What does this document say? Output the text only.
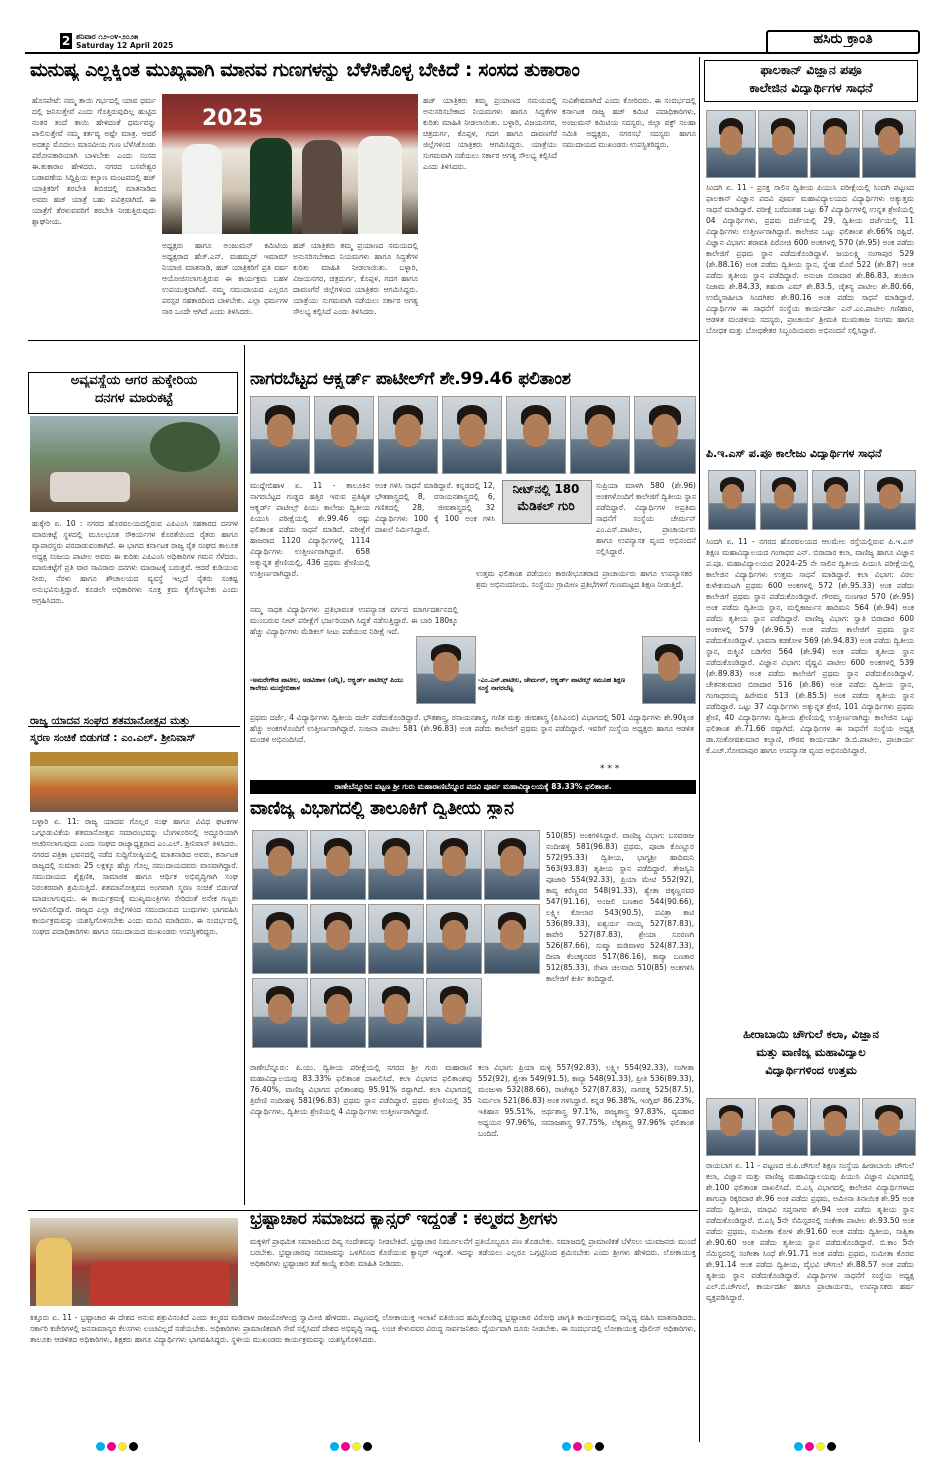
2 ಶನಿವಾರ ೧೨-೦೪-೨೦೨೫
Saturday 12 April 2025	ಹಸಿರು ಕ್ರಾಂತಿ
ಮನುಷ್ಯ ಎಲ್ಲಕ್ಕಿಂತ ಮುಖ್ಯವಾಗಿ ಮಾನವ ಗುಣಗಳನ್ನು ಬೆಳೆಸಿಕೊಳ್ಳ ಬೇಕಿದೆ : ಸಂಸದ ತುಕಾರಾಂ
ಹೊಸಪೇಟೆ: ನಮ್ಮ ತಾಯಿ ಗರ್ಭದಲ್ಲಿ ಯಾವ ಧರ್ಮ ದಲ್ಲಿ ಜನಿಸುತ್ತೇವೆ ಎಂದು ಗೊತ್ತಿರುವುದಿಲ್ಲ ಹುಟ್ಟಿದ ನಂತರ ತಂದೆ ತಾಯಿ ಹೇಳಿದಂತೆ ಧರ್ಮವನ್ನು ಪಾಲಿಸುತ್ತೇವೆ ನಮ್ಮ ಕರ್ತವ್ಯ ಅಷ್ಟೇ ಮಾತ್ರ. ಆದರೆ ಅದಕ್ಕೂ ಮೊದಲು ಮಾನವೀಯ ಗುಣ ಬೆಳೆಸಿಕೊಂಡು ಪರೋಪಕಾರಿಯಾಗಿ ಬಾಳಬೇಕು ಎಂದು ಸಂಸದ ಈ.ತುಕಾರಾಂ ಹೇಳಿದರು. ನಗರದ ಬಸವೇಶ್ವರ ಬಡಾವಣೆಯ ಸಿದ್ದಿಪ್ರಿಯ ಕಲ್ಯಾಣ ಮಂಟಪದಲ್ಲಿ ಹಜ್ ಯಾತ್ರಿಕರಿಗೆ ತರಬೇತಿ ಶಿಬಿರದಲ್ಲಿ ಮಾತನಾಡಿದ ಅವರು ಹಜ್ ಯಾತ್ರೆ ಬಹು ಪವಿತ್ರವಾಗಿದೆ. ಈ ಯಾತ್ರೆಗೆ ತೆರಳುವವರಿಗೆ ತರಬೇತಿ ನೀಡುತ್ತಿರುವುದು ಶ್ಲಾಘನೀಯ.
2025
ಅಧ್ಯಕ್ಷರು ಹಾಗೂ ಅಂಜುಮನ್ ಕಮಿಟಿಯ ಅಧ್ಯಕ್ಷರಾದ ಹೆಚ್.ಎನ್. ಮಹಮ್ಮದ್ ಇಮಾಮ್ ನಿಯಾಜಿ ಮಾತನಾಡಿ, ಹಜ್ ಯಾತ್ರಿಕರಿಗೆ ಪ್ರತಿ ವರ್ಷ ಆಯೋಜಿಸಲಾಗುತ್ತಿರುವ ಈ ಕಾರ್ಯಕ್ರಮ ಬಹಳ ಉಪಯುಕ್ತವಾಗಿದೆ. ನಮ್ಮ ಸಮುದಾಯದ ಎಲ್ಲರೂ ಪರಸ್ಪರ ಸಹಕಾರದಿಂದ ಬಾಳಬೇಕು. ಎಲ್ಲಾ ಧರ್ಮಗಳ ಸಾರ ಒಂದೇ ಆಗಿದೆ ಎಂದು ತಿಳಿಸಿದರು.
ಹಜ್ ಯಾತ್ರಿಕರು ತಮ್ಮ ಪ್ರಯಾಣದ ಸಮಯದಲ್ಲಿ ಅನುಸರಿಸಬೇಕಾದ ನಿಯಮಗಳು ಹಾಗೂ ಸಿದ್ಧತೆಗಳ ಕುರಿತು ಮಾಹಿತಿ ನೀಡಲಾಯಿತು. ಬಳ್ಳಾರಿ, ವಿಜಯನಗರ, ಚಿತ್ರದುರ್ಗ, ಕೊಪ್ಪಳ, ಗದಗ ಹಾಗೂ ದಾವಣಗೆರೆ ಜಿಲ್ಲೆಗಳಿಂದ ಯಾತ್ರಿಕರು ಆಗಮಿಸಿದ್ದರು. ಯಾತ್ರೆಯು ಸುಗಮವಾಗಿ ನಡೆಯಲು ಸರ್ಕಾರ ಅಗತ್ಯ ಸೌಲಭ್ಯ ಕಲ್ಪಿಸಿದೆ ಎಂದು ತಿಳಿಸಿದರು.
ಹಜ್ ಯಾತ್ರಿಕರು ತಮ್ಮ ಪ್ರಯಾಣದ ಸಮಯದಲ್ಲಿ ಅನುಸರಿಸಬೇಕಾದ ನಿಯಮಗಳು ಹಾಗೂ ಸಿದ್ಧತೆಗಳ ಕುರಿತು ಮಾಹಿತಿ ನೀಡಲಾಯಿತು. ಬಳ್ಳಾರಿ, ವಿಜಯನಗರ, ಚಿತ್ರದುರ್ಗ, ಕೊಪ್ಪಳ, ಗದಗ ಹಾಗೂ ದಾವಣಗೆರೆ ಜಿಲ್ಲೆಗಳಿಂದ ಯಾತ್ರಿಕರು ಆಗಮಿಸಿದ್ದರು. ಯಾತ್ರೆಯು ಸುಗಮವಾಗಿ ನಡೆಯಲು ಸರ್ಕಾರ ಅಗತ್ಯ ಸೌಲಭ್ಯ ಕಲ್ಪಿಸಿದೆ ಎಂದು ತಿಳಿಸಿದರು.
ಸುವಿಶೇಷವಾಗಿದೆ ಎಂದು ಕೋರಿದರು. ಈ ಸಂದರ್ಭದಲ್ಲಿ ಕರ್ನಾಟಕ ರಾಜ್ಯ ಹಜ್ ಕಮಿಟಿ ಪದಾಧಿಕಾರಿಗಳು, ಅಂಜುಮನ್ ಕಮಿಟಿಯ ಸದಸ್ಯರು, ಜಿಲ್ಲಾ ವಕ್ಫ್ ಸಲಹಾ ಸಮಿತಿ ಅಧ್ಯಕ್ಷರು, ನಗರಸಭೆ ಸದಸ್ಯರು ಹಾಗೂ ಸಮುದಾಯದ ಮುಖಂಡರು ಉಪಸ್ಥಿತರಿದ್ದರು.
ಅವ್ಯವಸ್ಥೆಯ ಆಗರ ಹುಕ್ಕೇರಿಯ
ದನಗಳ ಮಾರುಕಟ್ಟೆ
ಹುಕ್ಕೇರಿ ಏ. 10 : ನಗರದ ಹೊರವಲಯದಲ್ಲಿರುವ ಎಪಿಎಂಸಿ ಸಹಕಾರದ ದನಗಳ ಮಾರುಕಟ್ಟೆ ಸ್ಥಳದಲ್ಲಿ ಮೂಲಭೂತ ಸೌಕರ್ಯಗಳ ಕೊರತೆಯಿಂದ ರೈತರು ಹಾಗೂ ವ್ಯಾಪಾರಸ್ಥರು ಪರದಾಡುವಂತಾಗಿದೆ. ಈ ಭಾಗದ ಕರ್ನಾಟಕ ರಾಜ್ಯ ರೈತ ಸಂಘದ ತಾಲೂಕ ಅಧ್ಯಕ್ಷ ಸಂಜಯ ಪಾಟೀಲ ಅವರು ಈ ಕುರಿತು ಎಪಿಎಂಸಿ ಅಧಿಕಾರಿಗಳ ಗಮನ ಸೆಳೆದರು. ಮಾರುಕಟ್ಟೆಗೆ ಪ್ರತಿ ವಾರ ಸಾವಿರಾರು ದನಗಳು ಮಾರಾಟಕ್ಕೆ ಬರುತ್ತವೆ. ಆದರೆ ಕುಡಿಯುವ ನೀರು, ನೆರಳು ಹಾಗೂ ಶೌಚಾಲಯದ ವ್ಯವಸ್ಥೆ ಇಲ್ಲದೆ ರೈತರು ಸಂಕಷ್ಟ ಅನುಭವಿಸುತ್ತಿದ್ದಾರೆ. ಕೂಡಲೇ ಅಧಿಕಾರಿಗಳು ಸೂಕ್ತ ಕ್ರಮ ಕೈಗೊಳ್ಳಬೇಕು ಎಂದು ಆಗ್ರಹಿಸಿದರು.
ರಾಜ್ಯ ಯಾದವ ಸಂಘದ ಶತಮಾನೋತ್ಸವ ಮತ್ತು
ಸ್ಮರಣ ಸಂಚಿಕೆ ಬಿಡುಗಡೆ : ಎಂ.ಎಲ್. ಶ್ರೀನಿವಾಸ್
ಬಳ್ಳಾರಿ ಏ. 11: ರಾಜ್ಯ ಯಾದವ ಗೊಲ್ಲರ ಸಂಘ ಹಾಗೂ ವಿವಿಧ ಘಟಕಗಳ ಒಗ್ಗೂಡುವಿಕೆಯ ಶತಮಾನೋತ್ಸವ ಸಮಾರಂಭವನ್ನು ಬೆಂಗಳೂರಿನಲ್ಲಿ ಅದ್ದೂರಿಯಾಗಿ ಆಚರಿಸಲಾಗುವುದು ಎಂದು ಸಂಘದ ರಾಜ್ಯಾಧ್ಯಕ್ಷರಾದ ಎಂ.ಎಲ್. ಶ್ರೀನಿವಾಸ್ ತಿಳಿಸಿದರು. ನಗರದ ಪತ್ರಿಕಾ ಭವನದಲ್ಲಿ ನಡೆದ ಸುದ್ದಿಗೋಷ್ಠಿಯಲ್ಲಿ ಮಾತನಾಡಿದ ಅವರು, ಕರ್ನಾಟಕ ರಾಜ್ಯದಲ್ಲಿ ಸುಮಾರು 25 ಲಕ್ಷಕ್ಕೂ ಹೆಚ್ಚು ಗೊಲ್ಲ ಸಮುದಾಯದವರು ವಾಸವಾಗಿದ್ದಾರೆ. ಸಮುದಾಯದ ಶೈಕ್ಷಣಿಕ, ಸಾಮಾಜಿಕ ಹಾಗೂ ಆರ್ಥಿಕ ಅಭಿವೃದ್ಧಿಗಾಗಿ ಸಂಘ ನಿರಂತರವಾಗಿ ಶ್ರಮಿಸುತ್ತಿದೆ. ಶತಮಾನೋತ್ಸವದ ಅಂಗವಾಗಿ ಸ್ಮರಣ ಸಂಚಿಕೆ ಬಿಡುಗಡೆ ಮಾಡಲಾಗುವುದು. ಈ ಕಾರ್ಯಕ್ರಮಕ್ಕೆ ಮುಖ್ಯಮಂತ್ರಿಗಳು ಸೇರಿದಂತೆ ಅನೇಕ ಗಣ್ಯರು ಆಗಮಿಸಲಿದ್ದಾರೆ. ರಾಜ್ಯದ ಎಲ್ಲಾ ಜಿಲ್ಲೆಗಳಿಂದ ಸಮುದಾಯದ ಬಂಧುಗಳು ಭಾಗವಹಿಸಿ ಕಾರ್ಯಕ್ರಮವನ್ನು ಯಶಸ್ವಿಗೊಳಿಸಬೇಕು ಎಂದು ಮನವಿ ಮಾಡಿದರು. ಈ ಸಂದರ್ಭದಲ್ಲಿ ಸಂಘದ ಪದಾಧಿಕಾರಿಗಳು ಹಾಗೂ ಸಮುದಾಯದ ಮುಖಂಡರು ಉಪಸ್ಥಿತರಿದ್ದರು.
ನಾಗರಬೆಟ್ಟದ ಆಕ್ಸ್ಫರ್ಡ್ ಪಾಟೀಲ್‌ಗೆ ಶೇ.99.46 ಫಲಿತಾಂಶ
ಮುದ್ದೇಬಿಹಾಳ ಏ. 11 - ತಾಲೂಕಿನ ನಾಗರಬೆಟ್ಟದ ಗುಡ್ಡದ ಹತ್ತಿರ ಇರುವ ಪ್ರತಿಷ್ಠಿತ ಆಕ್ಸ್ಫರ್ಡ್ ಪಾಟೀಲ್ಸ್ ಪಿಯು ಕಾಲೇಜು ದ್ವಿತೀಯ ಪಿಯುಸಿ ಪರೀಕ್ಷೆಯಲ್ಲಿ ಶೇ.99.46 ರಷ್ಟು ಫಲಿತಾಂಶ ಪಡೆದು ಸಾಧನೆ ಮಾಡಿದೆ. ಪರೀಕ್ಷೆಗೆ ಹಾಜರಾದ 1120 ವಿದ್ಯಾರ್ಥಿಗಳಲ್ಲಿ 1114 ವಿದ್ಯಾರ್ಥಿಗಳು ಉತ್ತೀರ್ಣರಾಗಿದ್ದಾರೆ. 658 ಅತ್ಯುನ್ನತ ಶ್ರೇಣಿಯಲ್ಲಿ, 436 ಪ್ರಥಮ ಶ್ರೇಣಿಯಲ್ಲಿ ಉತ್ತೀರ್ಣರಾಗಿದ್ದಾರೆ.
ಅಂಕ ಗಳಿಸಿ ಸಾಧನೆ ಮಾಡಿದ್ದಾರೆ. ಕನ್ನಡದಲ್ಲಿ 12, ಭೌತಶಾಸ್ತ್ರದಲ್ಲಿ 8, ರಸಾಯನಶಾಸ್ತ್ರದಲ್ಲಿ 6, ಗಣಿತದಲ್ಲಿ 28, ಜೀವಶಾಸ್ತ್ರದಲ್ಲಿ 32 ವಿದ್ಯಾರ್ಥಿಗಳು 100 ಕ್ಕೆ 100 ಅಂಕ ಗಳಿಸಿ ದಾಖಲೆ ನಿರ್ಮಿಸಿದ್ದಾರೆ.
ನೀಟ್‌ನಲ್ಲಿ 180
ಮೆಡಿಕಲ್ ಗುರಿ
ಸುಪ್ರಿಯಾ ಮಾಳಗಿ 580 (ಶೇ.96) ಅಂಕಗಳೊಂದಿಗೆ ಕಾಲೇಜಿಗೆ ದ್ವಿತೀಯ ಸ್ಥಾನ ಪಡೆದಿದ್ದಾರೆ. ವಿದ್ಯಾರ್ಥಿಗಳ ಅಪ್ರತಿಮ ಸಾಧನೆಗೆ ಸಂಸ್ಥೆಯ ಚೇರ್ಮನ್ ಎಂ.ಎಸ್.ಪಾಟೀಲ, ಪ್ರಾಚಾರ್ಯರು ಹಾಗೂ ಉಪನ್ಯಾಸಕ ವೃಂದ ಅಭಿನಂದನೆ ಸಲ್ಲಿಸಿದ್ದಾರೆ.
ನಮ್ಮ ಸಾಧಕ ವಿದ್ಯಾರ್ಥಿಗಳು ಪ್ರತಿಭಾವಂತ ಉಪನ್ಯಾಸಕ ವರ್ಗದ ಮಾರ್ಗದರ್ಶನದಲ್ಲಿ ಮುಂಬರುವ ನೀಟ್ ಪರೀಕ್ಷೆಗೆ ಭರ್ಜರಿಯಾಗಿ ಸಿದ್ಧತೆ ನಡೆಸುತ್ತಿದ್ದಾರೆ. ಈ ಬಾರಿ 180ಕ್ಕೂ ಹೆಚ್ಚು ವಿದ್ಯಾರ್ಥಿಗಳು ಮೆಡಿಕಲ್ ಸೀಟು ಪಡೆಯುವ ನಿರೀಕ್ಷೆ ಇದೆ.
ಉತ್ತಮ ಫಲಿತಾಂಶ ಪಡೆಯಲು ಕಾರಣೀಭೂತರಾದ ಪ್ರಾಚಾರ್ಯರು ಹಾಗೂ ಉಪನ್ಯಾಸಕರ ಶ್ರಮ ಅಭಿನಂದನೀಯ. ಸಂಸ್ಥೆಯು ಗ್ರಾಮೀಣ ಪ್ರತಿಭೆಗಳಿಗೆ ಗುಣಮಟ್ಟದ ಶಿಕ್ಷಣ ನೀಡುತ್ತಿದೆ.
-ಅಮರೇಗೌಡ ಪಾಟೀಲ, ಅಡವಿಹಾಳ (ಚೆನ್ನಿ), ಆಕ್ಸ್ಫರ್ಡ್ ಪಾಟೀಲ್ಸ್ ಪಿಯು ಕಾಲೇಜು ಮುದ್ದೇಬಿಹಾಳ
-ಎಂ.ಎಸ್.ಪಾಟೀಲ, ಚೇರ್ಮನ್, ಆಕ್ಸ್ಫರ್ಡ್ ಪಾಟೀಲ್ಸ್ ಸಮೂಹ ಶಿಕ್ಷಣ ಸಂಸ್ಥೆ ನಾಗರಬೆಟ್ಟ
ಪ್ರಥಮ ದರ್ಜೆ, 4 ವಿದ್ಯಾರ್ಥಿಗಳು ದ್ವಿತೀಯ ದರ್ಜೆ ಪಡೆದುಕೊಂಡಿದ್ದಾರೆ. ಭೌತಶಾಸ್ತ್ರ, ರಸಾಯನಶಾಸ್ತ್ರ, ಗಣಿತ ಮತ್ತು ಜೀವಶಾಸ್ತ್ರ (ಪಿಸಿಎಂಬಿ) ವಿಭಾಗದಲ್ಲಿ 501 ವಿದ್ಯಾರ್ಥಿಗಳು ಶೇ.90ಕ್ಕಿಂತ ಹೆಚ್ಚು ಅಂಕಗಳೊಂದಿಗೆ ಉತ್ತೀರ್ಣರಾಗಿದ್ದಾರೆ. ಸಂಜನಾ ಪಾಟೀಲ 581 (ಶೇ.96.83) ಅಂಕ ಪಡೆದು ಕಾಲೇಜಿಗೆ ಪ್ರಥಮ ಸ್ಥಾನ ಪಡೆದಿದ್ದಾರೆ. ಇವರಿಗೆ ಸಂಸ್ಥೆಯ ಅಧ್ಯಕ್ಷರು ಹಾಗೂ ಆಡಳಿತ ಮಂಡಳಿ ಅಭಿನಂದಿಸಿದೆ.
* * *
ರಾಣೇಬೆನ್ನೂರಿನ ಪಟ್ಟಣ ಶ್ರೀ ಗುರು ಮಹಾರಾಣಿಬೆನ್ನೂರ ಪದವಿ ಪೂರ್ವ ಮಹಾವಿದ್ಯಾಲಯಕ್ಕೆ 83.33% ಫಲಿತಾಂಶ.
ವಾಣಿಜ್ಯ ವಿಭಾಗದಲ್ಲಿ ತಾಲೂಕಿಗೆ ದ್ವಿತೀಯ ಸ್ಥಾನ
510(85) ಅಂಕಗಳಿಸಿದ್ದಾರೆ. ವಾಣಿಜ್ಯ ವಿಭಾಗ: ಬಸವರಾಜ ನಂದೀಹಳ್ಳಿ 581(96.83) ಪ್ರಥಮ, ಪೂಜಾ ಕೊಣ್ಣೂರ 572(95.33) ದ್ವಿತೀಯ, ಭಾಗ್ಯಶ್ರೀ ಹಾದಿಮನಿ 563(93.83) ತೃತೀಯ ಸ್ಥಾನ ಪಡೆದಿದ್ದಾರೆ. ತೇಜಸ್ವಿನಿ ಪೂಜಾರಿ 554(92.33), ಪ್ರಿಯಾ ಮೇಟಿ 552(92), ಕಾವ್ಯ ಕರೆಣ್ಣವರ 548(91.33), ಶ್ವೇತಾ ಚಿಕ್ಕಣ್ಣನವರ 547(91.16), ಅಂಜಲಿ ಬಣಕಾರ 544(90.66), ಲಕ್ಷ್ಮೀ ಕೋಲಾರ 543(90.5), ಪವಿತ್ರಾ ಕಾಟಿ 536(89.33), ಐಶ್ವರ್ಯ ನಾಯ್ಕ 527(87.83), ಕಾವೇರಿ 527(87.83), ಶ್ರೇಯಾ ಸೂರಣಗಿ 526(87.66), ಸುಷ್ಮಾ ಮಡಿವಾಳರ 524(87.33), ದೀಪಾ ಕೆಂಚಕ್ಕನವರ 517(86.16), ಕಾವ್ಯಾ ಬಣಕಾರ 512(85.33), ರೇಖಾ ಚಲವಾದಿ 510(85) ಅಂಕಗಳಿಸಿ ಕಾಲೇಜಿಗೆ ಕೀರ್ತಿ ತಂದಿದ್ದಾರೆ.
ರಾಣೇಬೆನ್ನೂರು: ಪಿ.ಯು. ದ್ವಿತೀಯ ಪರೀಕ್ಷೆಯಲ್ಲಿ ನಗರದ ಶ್ರೀ ಗುರು ಮಹಾರಾಣಿ ಮಹಾವಿದ್ಯಾಲಯವು 83.33% ಫಲಿತಾಂಶ ದಾಖಲಿಸಿದೆ. ಕಲಾ ವಿಭಾಗದ ಫಲಿತಾಂಶವು 76.40%, ವಾಣಿಜ್ಯ ವಿಭಾಗದ ಫಲಿತಾಂಶವು 95.91% ರಷ್ಟಾಗಿದೆ. ಕಲಾ ವಿಭಾಗದಲ್ಲಿ ತ್ರಿವೇಣಿ ನಂದೀಹಳ್ಳಿ 581(96.83) ಪ್ರಥಮ ಸ್ಥಾನ ಪಡೆದಿದ್ದಾರೆ. ಪ್ರಥಮ ಶ್ರೇಣಿಯಲ್ಲಿ 35 ವಿದ್ಯಾರ್ಥಿಗಳು, ದ್ವಿತೀಯ ಶ್ರೇಣಿಯಲ್ಲಿ 4 ವಿದ್ಯಾರ್ಥಿಗಳು ಉತ್ತೀರ್ಣರಾಗಿದ್ದಾರೆ.
ಕಲಾ ವಿಭಾಗ: ಪ್ರಿಯಾ ಮಳ್ಳಿ 557(92.83), ಲಕ್ಷ್ಮೀ 554(92.33), ಸಂಗೀತಾ 552(92), ಶ್ವೇತಾ 549(91.5), ಕಾವ್ಯಾ 548(91.33), ಪ್ರೀತಿ 536(89.33), ಮಂಜುಳಾ 532(88.66), ರಾಜೇಶ್ವರಿ 527(87.83), ನಾಗರತ್ನ 525(87.5), ನಿರ್ಮಲಾ 521(86.83) ಅಂಕ ಗಳಿಸಿದ್ದಾರೆ. ಕನ್ನಡ 96.38%, ಇಂಗ್ಲಿಷ್ 86.23%, ಇತಿಹಾಸ 95.51%, ಅರ್ಥಶಾಸ್ತ್ರ 97.1%, ರಾಜ್ಯಶಾಸ್ತ್ರ 97.83%, ವ್ಯವಹಾರ ಅಧ್ಯಯನ 97.96%, ಸಮಾಜಶಾಸ್ತ್ರ 97.75%, ಲೆಕ್ಕಶಾಸ್ತ್ರ 97.96% ಫಲಿತಾಂಶ ಬಂದಿದೆ.
ಭ್ರಷ್ಟಾಚಾರ ಸಮಾಜದ ಕ್ಯಾನ್ಸರ್ ಇದ್ದಂತೆ : ಕಲ್ಮಠದ ಶ್ರೀಗಳು
ಮಕ್ಕಳಿಗೆ ಪ್ರಾಥಮಿಕ ಸಮಾಜದಿಂದ ದಿವ್ಯ ಸಂದೇಶವನ್ನು ನೀಡಬೇಕಿದೆ. ಭ್ರಷ್ಟಾಚಾರ ನಿರ್ಮೂಲನೆಗೆ ಪ್ರತಿಯೊಬ್ಬರೂ ಪಣ ತೊಡಬೇಕು. ಸಮಾಜದಲ್ಲಿ ಪ್ರಾಮಾಣಿಕತೆ ಬೆಳೆಸಲು ಯುವಜನರು ಮುಂದೆ ಬರಬೇಕು. ಭ್ರಷ್ಟಾಚಾರವು ಸಮಾಜವನ್ನು ಒಳಗಿನಿಂದ ಕೊರೆಯುವ ಕ್ಯಾನ್ಸರ್ ಇದ್ದಂತೆ. ಇದನ್ನು ತಡೆಯಲು ಎಲ್ಲರೂ ಒಗ್ಗಟ್ಟಿನಿಂದ ಶ್ರಮಿಸಬೇಕು ಎಂದು ಶ್ರೀಗಳು ಹೇಳಿದರು. ಲೋಕಾಯುಕ್ತ ಅಧಿಕಾರಿಗಳು ಭ್ರಷ್ಟಾಚಾರ ತಡೆ ಕಾಯ್ದೆ ಕುರಿತು ಮಾಹಿತಿ ನೀಡಿದರು.
ಕಿತ್ತೂರು ಏ. 11 - ಭ್ರಷ್ಟಾಚಾರ ಈ ದೇಶದ ಅನುವ ಶತ್ರುವಿನಂತಿದೆ ಎಂದು ಕಲ್ಮಠದ ಮಡಿವಾಳ ರಾಜಯೋಗೀಂದ್ರ ಸ್ವಾಮೀಜಿ ಹೇಳಿದರು. ಪಟ್ಟಣದಲ್ಲಿ ಲೋಕಾಯುಕ್ತ ಇಲಾಖೆ ವತಿಯಿಂದ ಹಮ್ಮಿಕೊಂಡಿದ್ದ ಭ್ರಷ್ಟಾಚಾರ ವಿರೋಧಿ ಜಾಗೃತಿ ಕಾರ್ಯಕ್ರಮದಲ್ಲಿ ಸಾನ್ನಿಧ್ಯ ವಹಿಸಿ ಮಾತನಾಡಿದರು. ಸರ್ಕಾರಿ ಕಚೇರಿಗಳಲ್ಲಿ ಜನಸಾಮಾನ್ಯರ ಕೆಲಸಗಳು ಲಂಚವಿಲ್ಲದೆ ನಡೆಯಬೇಕು. ಅಧಿಕಾರಿಗಳು ಪ್ರಾಮಾಣಿಕವಾಗಿ ಸೇವೆ ಸಲ್ಲಿಸಿದರೆ ದೇಶದ ಅಭಿವೃದ್ಧಿ ಸಾಧ್ಯ. ಲಂಚ ಕೇಳುವವರ ವಿರುದ್ಧ ಸಾರ್ವಜನಿಕರು ಧೈರ್ಯವಾಗಿ ದೂರು ನೀಡಬೇಕು. ಈ ಸಂದರ್ಭದಲ್ಲಿ ಲೋಕಾಯುಕ್ತ ಪೊಲೀಸ್ ಅಧಿಕಾರಿಗಳು, ತಾಲೂಕು ಆಡಳಿತದ ಅಧಿಕಾರಿಗಳು, ಶಿಕ್ಷಕರು ಹಾಗೂ ವಿದ್ಯಾರ್ಥಿಗಳು ಭಾಗವಹಿಸಿದ್ದರು. ಸ್ಥಳೀಯ ಮುಖಂಡರು ಕಾರ್ಯಕ್ರಮವನ್ನು ಯಶಸ್ವಿಗೊಳಿಸಿದರು.
ಫಾಲಕಾನ್ ವಿಜ್ಞಾನ ಪಪೂ
ಕಾಲೇಜಿನ ವಿದ್ಯಾರ್ಥಿಗಳ ಸಾಧನೆ
ಸಿಂದಗಿ ಏ. 11 - ಪ್ರಸಕ್ತ ಸಾಲಿನ ದ್ವಿತೀಯ ಪಿಯುಸಿ ಪರೀಕ್ಷೆಯಲ್ಲಿ ಸಿಂದಗಿ ಪಟ್ಟಣದ ಫಾಲಕಾನ್ ವಿಜ್ಞಾನ ಪದವಿ ಪೂರ್ವ ಮಹಾವಿದ್ಯಾಲಯದ ವಿದ್ಯಾರ್ಥಿಗಳು ಅತ್ಯುತ್ತಮ ಸಾಧನೆ ಮಾಡಿದ್ದಾರೆ. ಪರೀಕ್ಷೆ ಬರೆದಂತಹ ಒಟ್ಟು 67 ವಿದ್ಯಾರ್ಥಿಗಳಲ್ಲಿ ಉನ್ನತ ಶ್ರೇಣಿಯಲ್ಲಿ 04 ವಿದ್ಯಾರ್ಥಿಗಳು, ಪ್ರಥಮ ದರ್ಜೆಯಲ್ಲಿ 29, ದ್ವಿತೀಯ ದರ್ಜೆಯಲ್ಲಿ 11 ವಿದ್ಯಾರ್ಥಿಗಳು ಉತ್ತೀರ್ಣರಾಗಿದ್ದಾರೆ. ಕಾಲೇಜಿನ ಒಟ್ಟು ಫಲಿತಾಂಶ ಶೇ.66% ರಷ್ಟಿದೆ. ವಿಜ್ಞಾನ ವಿಭಾಗ: ಶರಾವತಿ ಪಿರೋಜಿ 600 ಅಂಕಗಳಲ್ಲಿ 570 (ಶೇ.95) ಅಂಕ ಪಡೆದು ಕಾಲೇಜಿಗೆ ಪ್ರಥಮ ಸ್ಥಾನ ಪಡೆದುಕೊಂಡಿದ್ದಾಳೆ. ಜಯಲಕ್ಷ್ಮಿ ಸಂಗಾಪುರ 529 (ಶೇ.88.16) ಅಂಕ ಪಡೆದು ದ್ವಿತೀಯ ಸ್ಥಾನ, ಸ್ನೇಹ ಮೊರೆ 522 (ಶೇ.87) ಅಂಕ ಪಡೆದು ತೃತೀಯ ಸ್ಥಾನ ಪಡೆದಿದ್ದಾರೆ. ಅನುಜಾ ಬಿರಾದಾರ ಶೇ.86.83, ತಂಜಿಲಾ ನಿಜಾಮ ಶೇ.84.33, ತಹುರಾ ಎಮ್ ಶೇ.83.5, ಚೈತನ್ಯ ಪಾಟೀಲ ಶೇ.80.66, ಉಮ್ಮೆಸಾಹೀಬಾ ಸಿಂದಗಿಕರ ಶೇ.80.16 ಅಂಕ ಪಡೆದು ಸಾಧನೆ ಮಾಡಿದ್ದಾರೆ. ವಿದ್ಯಾರ್ಥಿಗಳ ಈ ಸಾಧನೆಗೆ ಸಂಸ್ಥೆಯ ಕಾರ್ಯದರ್ಶಿ ಎನ್.ಎಂ.ಪಾಟೀಲ ಗಣಿಹಾರ, ಆಡಳಿತ ಮಂಡಳಿಯ ಸದಸ್ಯರು, ಪ್ರಾಚಾರ್ಯ ಶ್ರೀಮತಿ ಮುಮತಾಜ ಸಂಗಮ ಹಾಗೂ ಬೋಧಕ ಮತ್ತು ಬೋಧಕೇತರ ಸಿಬ್ಬಂದಿಯವರು ಅಭಿನಂದನೆ ಸಲ್ಲಿಸಿದ್ದಾರೆ.
ಪಿ.ಇ.ಎಸ್ ಪ.ಪೂ ಕಾಲೇಜು ವಿದ್ಯಾರ್ಥಿಗಳ ಸಾಧನೆ
ಸಿಂದಗಿ ಏ. 11 - ನಗರದ ಹೊರವಲಯದ ಆಲಮೇಲ ರಸ್ತೆಯಲ್ಲಿರುವ ಪಿ.ಇ.ಎಸ್ ಶಿಕ್ಷಣ ಮಹಾವಿದ್ಯಾಲಯದ ಗಂಗಾಧರ ಎನ್. ಬಿರಾದಾರ ಕಲಾ, ವಾಣಿಜ್ಯ ಹಾಗೂ ವಿಜ್ಞಾನ ಪ.ಪೂ. ಮಹಾವಿದ್ಯಾಲಯದ 2024-25 ನೇ ಸಾಲಿನ ದ್ವಿತೀಯ ಪಿಯುಸಿ ಪರೀಕ್ಷೆಯಲ್ಲಿ ಕಾಲೇಜಿನ ವಿದ್ಯಾರ್ಥಿಗಳು ಉತ್ತಮ ಸಾಧನೆ ಮಾಡಿದ್ದಾರೆ. ಕಲಾ ವಿಭಾಗ: ವಿಠಲ ಕುಳೇಕುಮಟಗಿ ಪ್ರಥಮ 600 ಅಂಕಗಳಲ್ಲಿ 572 (ಶೇ.95.33) ಅಂಕ ಪಡೆದು ಕಾಲೇಜಿಗೆ ಪ್ರಥಮ ಸ್ಥಾನ ಪಡೆದುಕೊಂಡಿದ್ದಾರೆ. ಗೌರಮ್ಮ ಸುಣಗಾರ 570 (ಶೇ.95) ಅಂಕ ಪಡೆದು ದ್ವಿತೀಯ ಸ್ಥಾನ, ಮಲ್ಲಿಕಾರ್ಜುನ ಹಾದಿಮನಿ 564 (ಶೇ.94) ಅಂಕ ಪಡೆದು ತೃತೀಯ ಸ್ಥಾನ ಪಡೆದಿದ್ದಾರೆ. ವಾಣಿಜ್ಯ ವಿಭಾಗ: ಸ್ವಾತಿ ಬಿರಾದಾರ 600 ಅಂಕಗಳಲ್ಲಿ 579 (ಶೇ.96.5) ಅಂಕ ಪಡೆದು ಕಾಲೇಜಿಗೆ ಪ್ರಥಮ ಸ್ಥಾನ ಪಡೆದುಕೊಂಡಿದ್ದಾಳೆ. ಭಾವನಾ ಕಡಕೋಳ 569 (ಶೇ.94.83) ಅಂಕ ಪಡೆದು ದ್ವಿತೀಯ ಸ್ಥಾನ, ರುಕ್ಮಿಣಿ ಬಡಿಗೇರ 564 (ಶೇ.94) ಅಂಕ ಪಡೆದು ತೃತೀಯ ಸ್ಥಾನ ಪಡೆದುಕೊಂಡಿದ್ದಾರೆ. ವಿಜ್ಞಾನ ವಿಭಾಗ: ವೈಷ್ಣವಿ ಪಾಟೀಲ 600 ಅಂಕಗಳಲ್ಲಿ 539 (ಶೇ.89.83) ಅಂಕ ಪಡೆದು ಕಾಲೇಜಿಗೆ ಪ್ರಥಮ ಸ್ಥಾನ ಪಡೆದುಕೊಂಡಿದ್ದಾಳೆ. ಚೇತನಕುಮಾರ ಬಿರಾದಾರ 516 (ಶೇ.86) ಅಂಕ ಪಡೆದು ದ್ವಿತೀಯ ಸ್ಥಾನ, ಗಂಗಾಧರಯ್ಯ ಹಿರೇಮಠ 513 (ಶೇ.85.5) ಅಂಕ ಪಡೆದು ತೃತೀಯ ಸ್ಥಾನ ಪಡೆದಿದ್ದಾರೆ. ಒಟ್ಟು 37 ವಿದ್ಯಾರ್ಥಿಗಳು ಅತ್ಯುನ್ನತ ಶ್ರೇಣಿ, 101 ವಿದ್ಯಾರ್ಥಿಗಳು ಪ್ರಥಮ ಶ್ರೇಣಿ, 40 ವಿದ್ಯಾರ್ಥಿಗಳು ದ್ವಿತೀಯ ಶ್ರೇಣಿಯಲ್ಲಿ ಉತ್ತೀರ್ಣರಾಗಿದ್ದು ಕಾಲೇಜಿನ ಒಟ್ಟು ಫಲಿತಾಂಶ ಶೇ.71.66 ರಷ್ಟಾಗಿದೆ. ವಿದ್ಯಾರ್ಥಿಗಳ ಈ ಸಾಧನೆಗೆ ಸಂಸ್ಥೆಯ ಅಧ್ಯಕ್ಷ ಡಾ.ಸಂತೋಷಕುಮಾರ ಕಲ್ಯಾಣಿ, ಗೌರವ ಕಾರ್ಯದರ್ಶಿ ಡಿ.ಬಿ.ಪಾಟೀಲ, ಪ್ರಾಚಾರ್ಯ ಕೆ.ಎಚ್.ಸೋಮಾಪುರ ಹಾಗೂ ಉಪನ್ಯಾಸಕ ವೃಂದ ಅಭಿನಂದಿಸಿದ್ದಾರೆ.
ಹೀರಾಬಾಯಿ ಚೌಗುಲೆ ಕಲಾ, ವಿಜ್ಞಾನ
ಮತ್ತು ವಾಣಿಜ್ಯ ಮಹಾವಿದ್ಯಾಲ
ವಿದ್ಯಾರ್ಥಿಗಳಿಂದ ಉತ್ತಮ
ರಾಯಬಾಗ ಏ. 11 - ಪಟ್ಟಣದ ಜಿ.ಪಿ.ಚೌಗುಲೆ ಶಿಕ್ಷಣ ಸಂಸ್ಥೆಯ ಹೀರಾಬಾಯಿ ಚೌಗುಲೆ ಕಲಾ, ವಿಜ್ಞಾನ ಮತ್ತು ವಾಣಿಜ್ಯ ಮಹಾವಿದ್ಯಾಲಯವು ಪಿಯುಸಿ ವಿಜ್ಞಾನ ವಿಭಾಗದಲ್ಲಿ ಶೇ.100 ಫಲಿತಾಂಶ ದಾಖಲಿಸಿದೆ. ಬಿ.ಎಸ್ಸಿ ವಿಭಾಗದಲ್ಲಿ ಕಾಲೇಜಿನ ವಿದ್ಯಾರ್ಥಿಗಳಾದ ಶಾಗುಪ್ತಾ ರಿಕ್ಕರಿದಾರ ಶೇ.96 ಅಂಕ ಪಡೆದು ಪ್ರಥಮ, ಅಮೀನಾ ತಿನಾಯಿಕ ಶೇ.95 ಅಂಕ ಪಡೆದು ದ್ವಿತೀಯ, ಮಾಧವಿ ಸಪ್ತಸಾಗರ ಶೇ.94 ಅಂಕ ಪಡೆದು ತೃತೀಯ ಸ್ಥಾನ ಪಡೆದುಕೊಂಡಿದ್ದಾರೆ. ಬಿ.ಎಸ್ಸಿ 5ನೇ ಸೆಮಿಸ್ಟರನಲ್ಲಿ ಸಂಕೇತಾ ಪಾಟೀಲ ಶೇ.93.50 ಅಂಕ ಪಡೆದು ಪ್ರಥಮ, ಸುಮೀತಾ ಕೋಳಿ ಶೇ.91.60 ಅಂಕ ಪಡೆದು ದ್ವಿತೀಯ, ಸಾತ್ವಿಕಾ ಶೇ.90.60 ಅಂಕ ಪಡೆದು ತೃತೀಯ ಸ್ಥಾನ ಪಡೆದುಕೊಂಡಿದ್ದಾರೆ. ಬಿ.ಕಾಂ 5ನೇ ಸೆಮಿಸ್ಟರನಲ್ಲಿ ಸಂಗೀತಾ ಸಿಂಧೆ ಶೇ.91.71 ಅಂಕ ಪಡೆದು ಪ್ರಥಮ, ಸುಮೀತಾ ಕೊರವ ಶೇ.91.14 ಅಂಕ ಪಡೆದು ದ್ವಿತೀಯ, ವೈಭವಿ ಚೌಗುಲೆ ಶೇ.88.57 ಅಂಕ ಪಡೆದು ತೃತೀಯ ಸ್ಥಾನ ಪಡೆದುಕೊಂಡಿದ್ದಾರೆ. ವಿದ್ಯಾರ್ಥಿಗಳ ಸಾಧನೆಗೆ ಸಂಸ್ಥೆಯ ಅಧ್ಯಕ್ಷ ಎಲ್.ಬಿ.ಚೌಗುಲೆ, ಕಾರ್ಯದರ್ಶಿ ಹಾಗೂ ಪ್ರಾಚಾರ್ಯರು, ಉಪನ್ಯಾಸಕರು ಹರ್ಷ ವ್ಯಕ್ತಪಡಿಸಿದ್ದಾರೆ.
